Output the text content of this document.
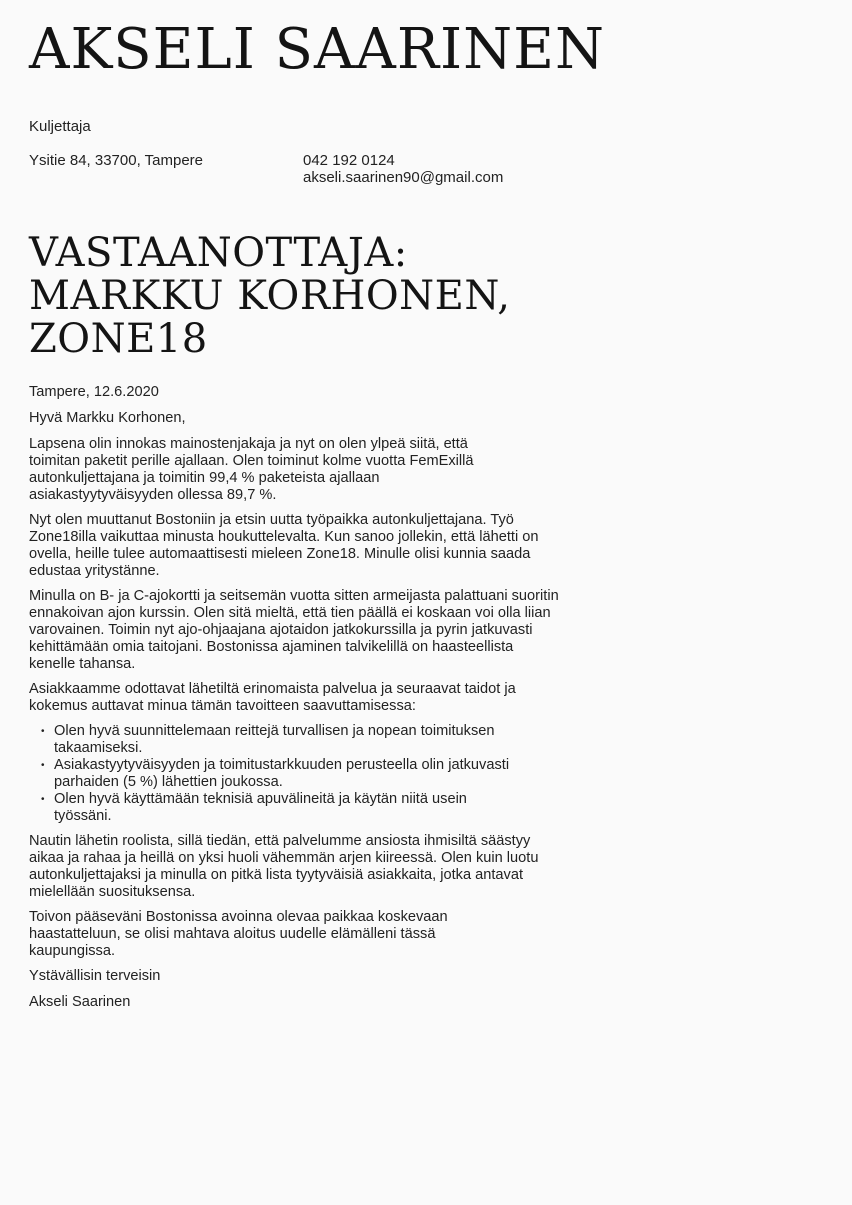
AKSELI SAARINEN
Kuljettaja
Ysitie 84, 33700, Tampere	042 192 0124
akseli.saarinen90@gmail.com
VASTAANOTTAJA:
MARKKU KORHONEN,
ZONE18

Tampere, 12.6.2020

Hyvä Markku Korhonen,

Lapsena olin innokas mainostenjakaja ja nyt on olen ylpeä siitä, että toimitan paketit perille ajallaan. Olen toiminut kolme vuotta FemExillä autonkuljettajana ja toimitin 99,4 % paketeista ajallaan asiakastyytyväisyyden ollessa 89,7 %.

Nyt olen muuttanut Bostoniin ja etsin uutta työpaikka autonkuljettajana. Työ Zone18illa vaikuttaa minusta houkuttelevalta. Kun sanoo jollekin, että lähetti on ovella, heille tulee automaattisesti mieleen Zone18. Minulle olisi kunnia saada edustaa yritystänne.

Minulla on B- ja C-ajokortti ja seitsemän vuotta sitten armeijasta palattuani suoritin ennakoivan ajon kurssin. Olen sitä mieltä, että tien päällä ei koskaan voi olla liian varovainen. Toimin nyt ajo-ohjaajana ajotaidon jatkokurssilla ja pyrin jatkuvasti kehittämään omia taitojani. Bostonissa ajaminen talvikelillä on haasteellista kenelle tahansa.

Asiakkaamme odottavat lähetiltä erinomaista palvelua ja seuraavat taidot ja kokemus auttavat minua tämän tavoitteen saavuttamisessa:

• Olen hyvä suunnittelemaan reittejä turvallisen ja nopean toimituksen takaamiseksi.
• Asiakastyytyväisyyden ja toimitustarkkuuden perusteella olin jatkuvasti parhaiden (5 %) lähettien joukossa.
• Olen hyvä käyttämään teknisiä apuvälineitä ja käytän niitä usein työssäni.

Nautin lähetin roolista, sillä tiedän, että palvelumme ansiosta ihmisiltä säästyy aikaa ja rahaa ja heillä on yksi huoli vähemmän arjen kiireessä. Olen kuin luotu autonkuljettajaksi ja minulla on pitkä lista tyytyväisiä asiakkaita, jotka antavat mielellään suosituksensa.

Toivon pääseväni Bostonissa avoinna olevaa paikkaa koskevaan haastatteluun, se olisi mahtava aloitus uudelle elämälleni tässä kaupungissa.

Ystävällisin terveisin

Akseli Saarinen
